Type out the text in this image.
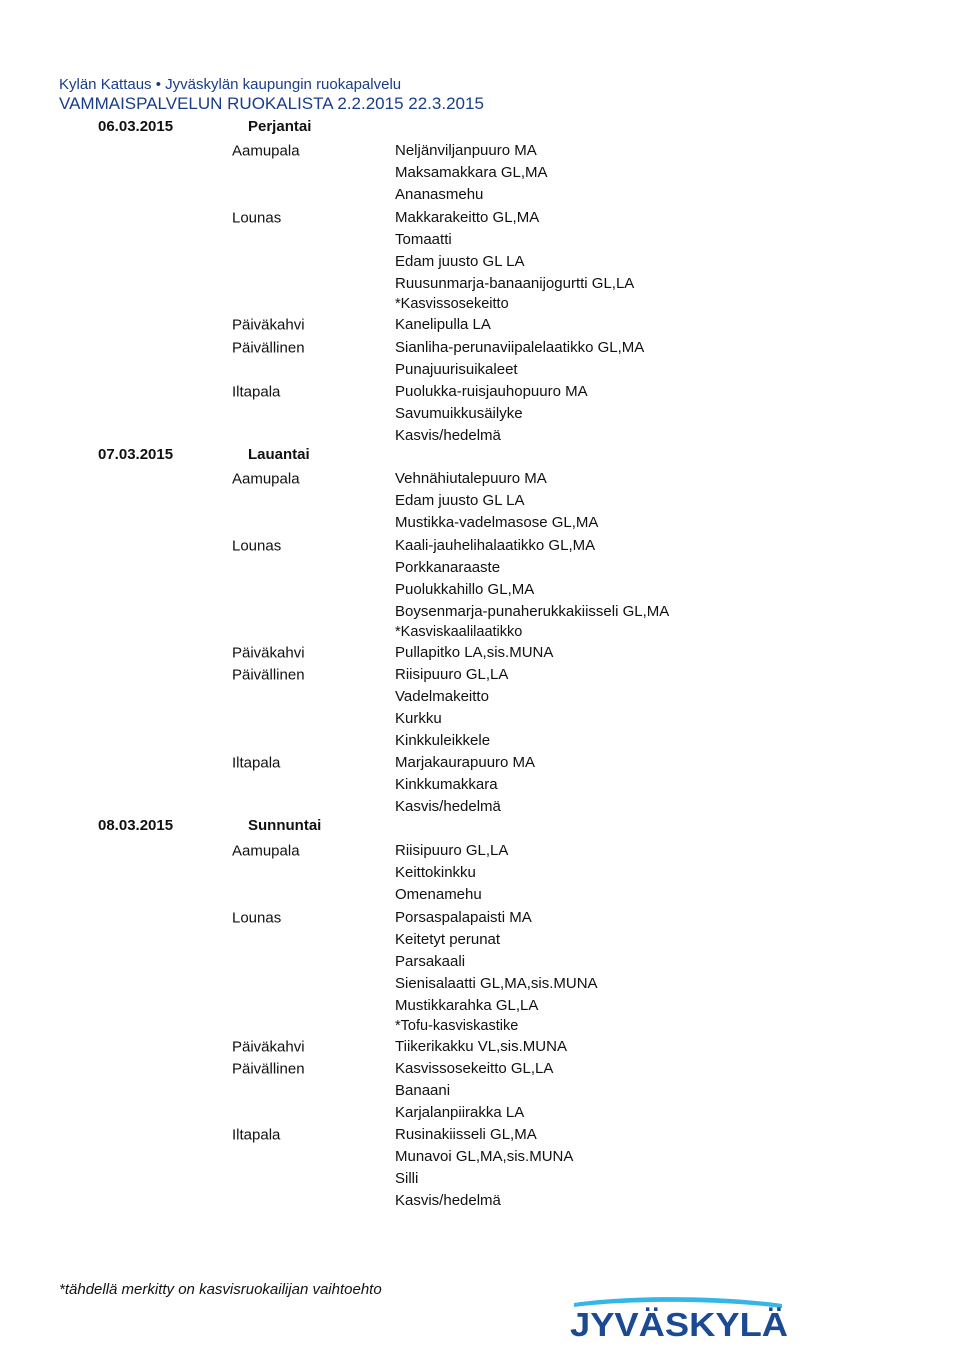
Kylän Kattaus • Jyväskylän kaupungin ruokapalvelu
VAMMAISPALVELUN RUOKALISTA 2.2.2015 22.3.2015
06.03.2015	Perjantai
Aamupala	Neljänviljanpuuro MA
Maksamakkara GL,MA
Ananasmehu
Lounas	Makkarakeitto GL,MA
Tomaatti
Edam juusto GL LA
Ruusunmarja-banaanijogurtti GL,LA
*Kasvissosekeitto
Päiväkahvi	Kanelipulla LA
Päivällinen	Sianliha-perunaviipalelaatikko GL,MA
Punajuurisuikaleet
Iltapala	Puolukka-ruisjauhopuuro MA
Savumuikkusäilyke
Kasvis/hedelmä
07.03.2015	Lauantai
Aamupala	Vehnähiutalepuuro MA
Edam juusto GL LA
Mustikka-vadelmasose GL,MA
Lounas	Kaali-jauhelihalaatikko GL,MA
Porkkanaraaste
Puolukkahillo GL,MA
Boysenmarja-punaherukkakiisseli GL,MA
*Kasviskaalilaatikko
Päiväkahvi	Pullapitko LA,sis.MUNA
Päivällinen	Riisipuuro GL,LA
Vadelmakeitto
Kurkku
Kinkkuleikkele
Iltapala	Marjakaurapuuro MA
Kinkkumakkara
Kasvis/hedelmä
08.03.2015	Sunnuntai
Aamupala	Riisipuuro GL,LA
Keittokinkku
Omenamehu
Lounas	Porsaspalapaisti MA
Keitetyt perunat
Parsakaali
Sienisalaatti GL,MA,sis.MUNA
Mustikkarahka GL,LA
*Tofu-kasviskastike
Päiväkahvi	Tiikerikakku VL,sis.MUNA
Päivällinen	Kasvissosekeitto GL,LA
Banaani
Karjalanpiirakka LA
Iltapala	Rusinakiisseli GL,MA
Munavoi GL,MA,sis.MUNA
Silli
Kasvis/hedelmä
*tähdellä merkitty on kasvisruokailijan vaihtoehto
JYVÄSKYLÄ
